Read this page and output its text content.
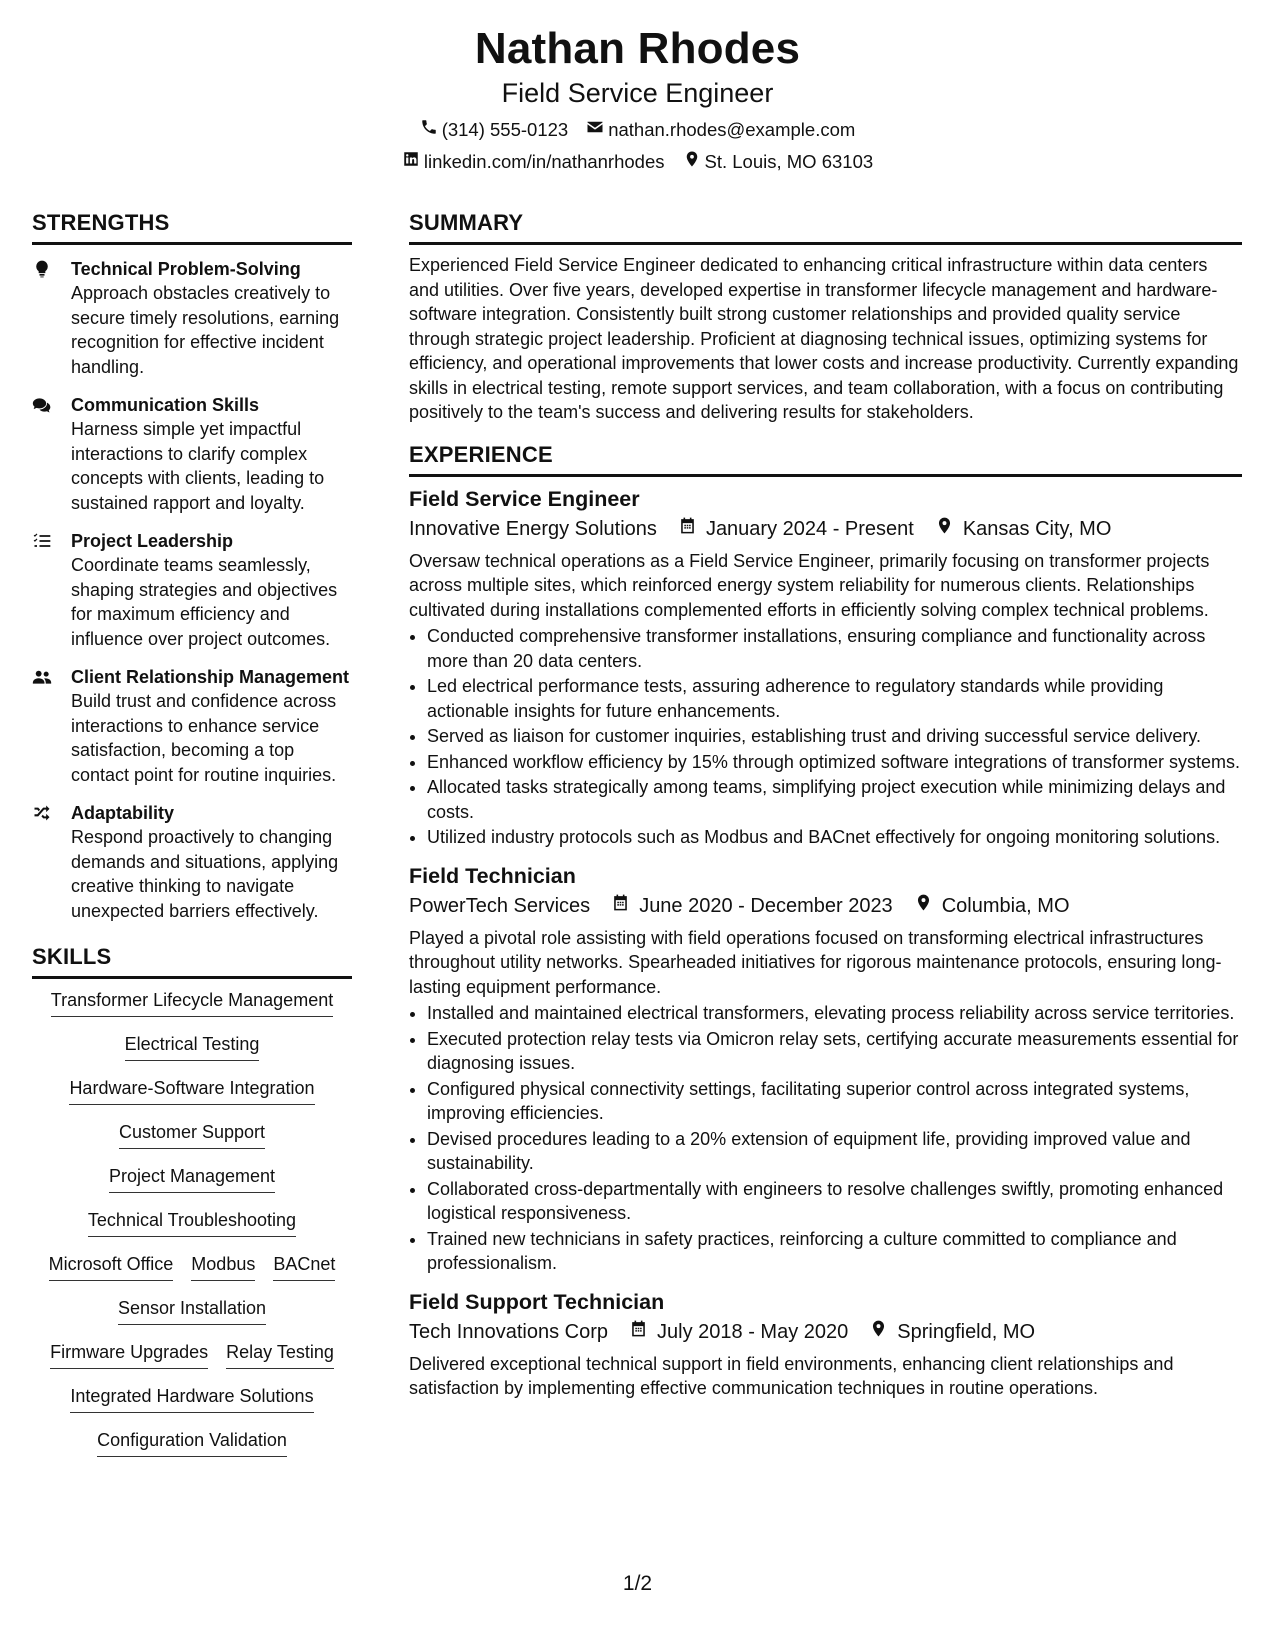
Nathan Rhodes
Field Service Engineer
(314) 555-0123 nathan.rhodes@example.com
linkedin.com/in/nathanrhodes St. Louis, MO 63103
STRENGTHS
Technical Problem-Solving
Approach obstacles creatively to secure timely resolutions, earning recognition for effective incident handling.
Communication Skills
Harness simple yet impactful interactions to clarify complex concepts with clients, leading to sustained rapport and loyalty.
Project Leadership
Coordinate teams seamlessly, shaping strategies and objectives for maximum efficiency and influence over project outcomes.
Client Relationship Management
Build trust and confidence across interactions to enhance service satisfaction, becoming a top contact point for routine inquiries.
Adaptability
Respond proactively to changing demands and situations, applying creative thinking to navigate unexpected barriers effectively.
SKILLS
Transformer Lifecycle Management
Electrical Testing
Hardware-Software Integration
Customer Support
Project Management
Technical Troubleshooting
Microsoft Office Modbus BACnet
Sensor Installation
Firmware Upgrades Relay Testing
Integrated Hardware Solutions
Configuration Validation
SUMMARY
Experienced Field Service Engineer dedicated to enhancing critical infrastructure within data centers and utilities. Over five years, developed expertise in transformer lifecycle management and hardware-software integration. Consistently built strong customer relationships and provided quality service through strategic project leadership. Proficient at diagnosing technical issues, optimizing systems for efficiency, and operational improvements that lower costs and increase productivity. Currently expanding skills in electrical testing, remote support services, and team collaboration, with a focus on contributing positively to the team's success and delivering results for stakeholders.
EXPERIENCE
Field Service Engineer
Innovative Energy Solutions January 2024 - Present Kansas City, MO
Oversaw technical operations as a Field Service Engineer, primarily focusing on transformer projects across multiple sites, which reinforced energy system reliability for numerous clients. Relationships cultivated during installations complemented efforts in efficiently solving complex technical problems.
• Conducted comprehensive transformer installations, ensuring compliance and functionality across more than 20 data centers.
• Led electrical performance tests, assuring adherence to regulatory standards while providing actionable insights for future enhancements.
• Served as liaison for customer inquiries, establishing trust and driving successful service delivery.
• Enhanced workflow efficiency by 15% through optimized software integrations of transformer systems.
• Allocated tasks strategically among teams, simplifying project execution while minimizing delays and costs.
• Utilized industry protocols such as Modbus and BACnet effectively for ongoing monitoring solutions.
Field Technician
PowerTech Services June 2020 - December 2023 Columbia, MO
Played a pivotal role assisting with field operations focused on transforming electrical infrastructures throughout utility networks. Spearheaded initiatives for rigorous maintenance protocols, ensuring long-lasting equipment performance.
• Installed and maintained electrical transformers, elevating process reliability across service territories.
• Executed protection relay tests via Omicron relay sets, certifying accurate measurements essential for diagnosing issues.
• Configured physical connectivity settings, facilitating superior control across integrated systems, improving efficiencies.
• Devised procedures leading to a 20% extension of equipment life, providing improved value and sustainability.
• Collaborated cross-departmentally with engineers to resolve challenges swiftly, promoting enhanced logistical responsiveness.
• Trained new technicians in safety practices, reinforcing a culture committed to compliance and professionalism.
Field Support Technician
Tech Innovations Corp July 2018 - May 2020 Springfield, MO
Delivered exceptional technical support in field environments, enhancing client relationships and satisfaction by implementing effective communication techniques in routine operations.
1/2
